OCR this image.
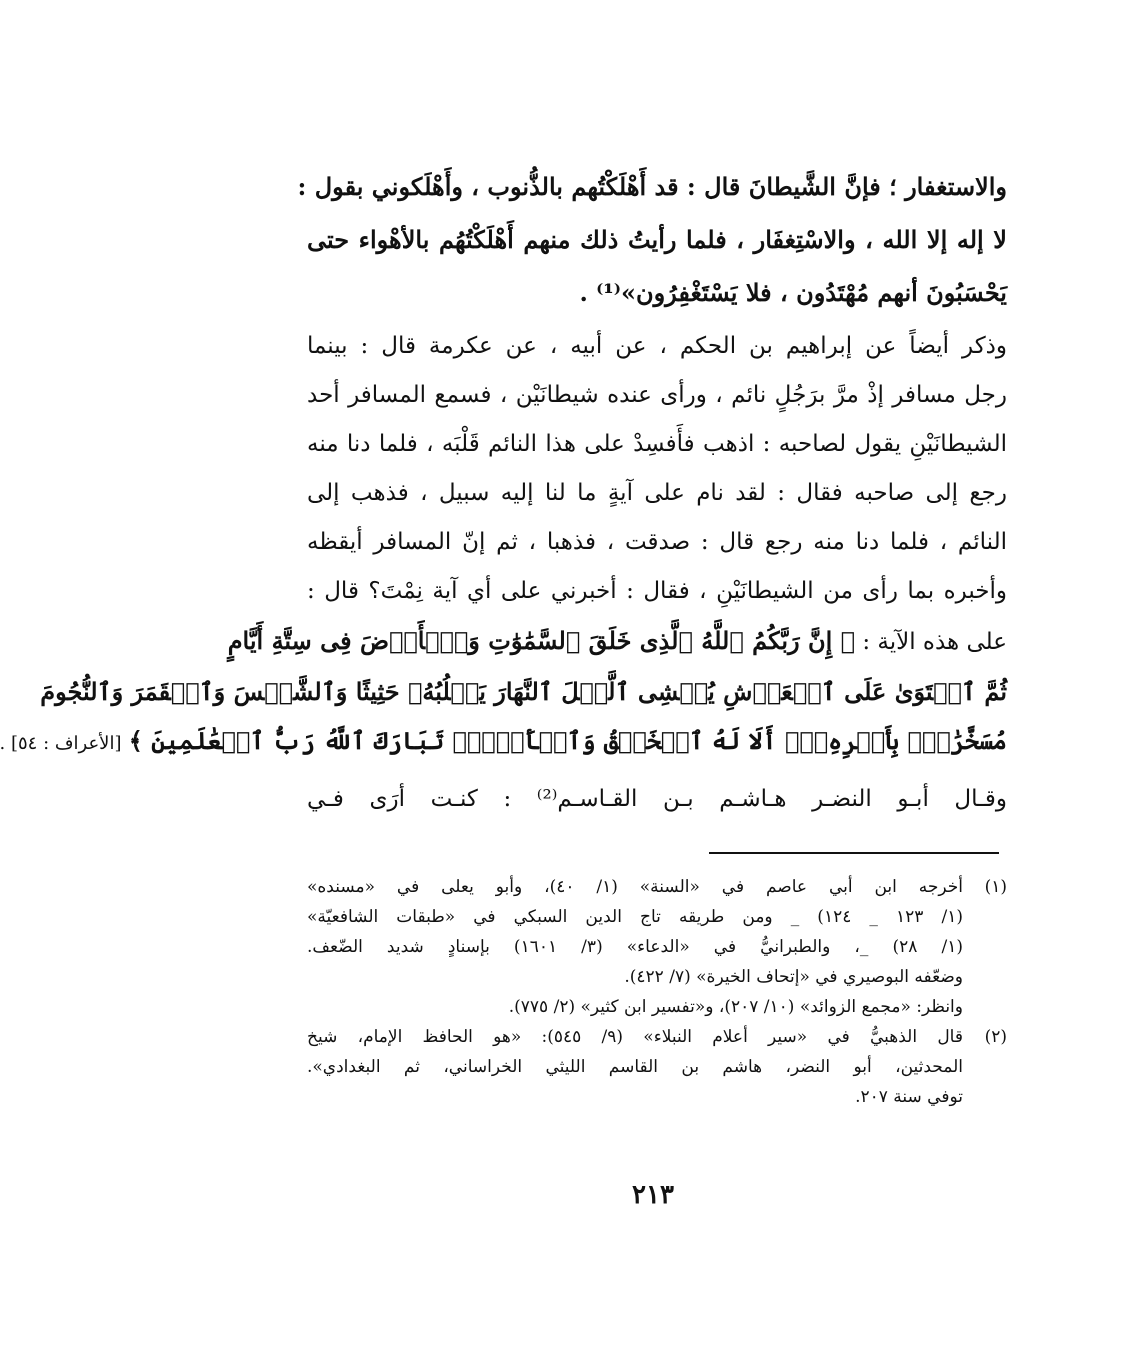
والاستغفار ؛ فإنَّ الشَّيطانَ قال : قد أَهْلَكْتُهم بالذُّنوب ، وأَهْلَكوني بقول :
لا إله إلا الله ، والاسْتِغفَار ، فلما رأيتُ ذلك منهم أَهْلَكْتُهُم بالأهْواء حتى
يَحْسَبُونَ أنهم مُهْتَدُون ، فلا يَسْتَغْفِرُون»⁽¹⁾ .
وذكر أيضاً عن إبراهيم بن الحكم ، عن أبيه ، عن عكرمة قال : بينما
رجل مسافر إذْ مرَّ برَجُلٍ نائم ، ورأى عنده شيطانَيْن ، فسمع المسافر أحد
الشيطانَيْنِ يقول لصاحبه : اذهب فأَفسِدْ على هذا النائم قَلْبَه ، فلما دنا منه
رجع إلى صاحبه فقال : لقد نام على آيةٍ ما لنا إليه سبيل ، فذهب إلى
النائم ، فلما دنا منه رجع قال : صدقت ، فذهبا ، ثم إنّ المسافر أيقظه
وأخبره بما رأى من الشيطانَيْنِ ، فقال : أخبرني على أي آية نِمْتَ؟ قال :
على هذه الآية : ﴿ إِنَّ رَبَّكُمُ ٱللَّهُ ٱلَّذِى خَلَقَ ٱلسَّمَٰوَٰتِ وَٱلۡأَرۡضَ فِى سِتَّةِ أَيَّامٍ
ثُمَّ ٱسۡتَوَىٰ عَلَى ٱلۡعَرۡشِ يُغۡشِى ٱلَّيۡلَ ٱلنَّهَارَ يَطۡلُبُهُۥ حَثِيثًا وَٱلشَّمۡسَ وَٱلۡقَمَرَ وَٱلنُّجُومَ
مُسَخَّرَٰتِۭ بِأَمۡرِهِۦٓۗ أَلَا لَهُ ٱلۡخَلۡقُ وَٱلۡأَمۡرُۗ تَبَارَكَ ٱللَّهُ رَبُّ ٱلۡعَٰلَمِينَ ﴾ [الأعراف : ٥٤] .
وقـال أبـو النضـر هـاشـم بـن القـاسـم⁽²⁾ : كنـت أرَى فـي
(١)
أخرجه ابن أبي عاصم في «السنة» (١/ ٤٠)، وأبو يعلى في «مسنده»
(١/ ١٢٣ _ ١٢٤) _ ومن طريقه تاج الدين السبكي في «طبقات الشافعيّة»
(١/ ٢٨) _، والطبرانيُّ في «الدعاء» (٣/ ١٦٠١) بإسنادٍ شديد الضّعف.
وضعّفه البوصيري في «إتحاف الخيرة» (٧/ ٤٢٢).
وانظر: «مجمع الزوائد» (١٠/ ٢٠٧)، و«تفسير ابن كثير» (٢/ ٧٧٥).
(٢)
قال الذهبيُّ في «سير أعلام النبلاء» (٩/ ٥٤٥): «هو الحافظ الإمام، شيخ
المحدثين، أبو النضر، هاشم بن القاسم الليثي الخراساني، ثم البغدادي».
توفي سنة ٢٠٧.
٢١٣
